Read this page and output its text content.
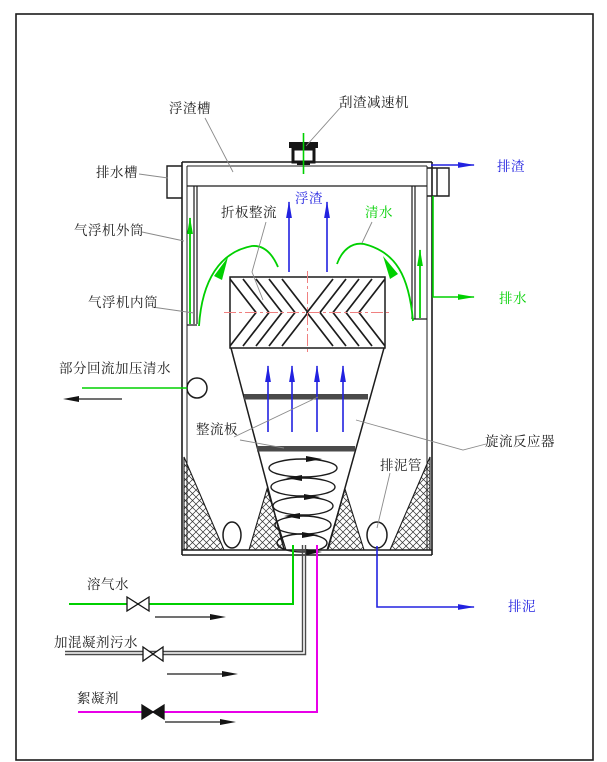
浮渣槽	刮渣减速机
排水槽
气浮机外筒
折板整流
浮渣
清水
排渣
排水
气浮机内筒
部分回流加压清水
整流板
旋流反应器
排泥管
溶气水
加混凝剂污水
絮凝剂
排泥
